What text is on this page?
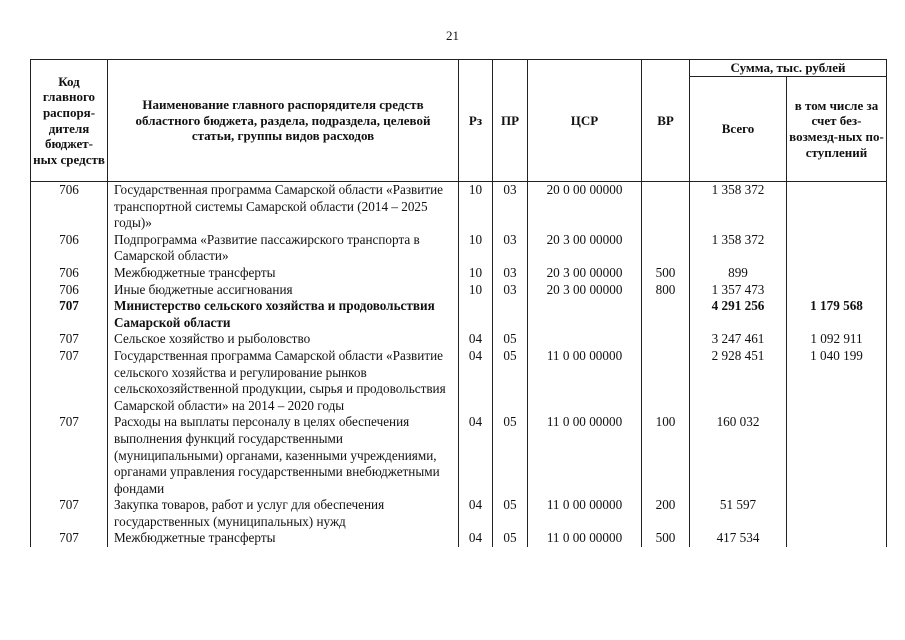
21
Код главного распоря-дителя бюджет-ных средств	Наименование главного распорядителя средств областного бюджета, раздела, подраздела, целевой статьи, группы видов расходов	Рз	ПР	ЦСР	ВР	Сумма, тыс. рублей	
						Всего	в том числе за счет без-возмезд-ных по-ступлений
706	Государственная программа Самарской области «Развитие транспортной системы Самарской области (2014 – 2025 годы)»	10	03	20 0 00 00000		1 358 372	
706	Подпрограмма «Развитие пассажирского транспорта в Самарской области»	10	03	20 3 00 00000		1 358 372	
706	Межбюджетные трансферты	10	03	20 3 00 00000	500	899	
706	Иные бюджетные ассигнования	10	03	20 3 00 00000	800	1 357 473	
707	Министерство сельского хозяйства и продовольствия Самарской области					4 291 256	1 179 568
707	Сельское хозяйство и рыболовство	04	05			3 247 461	1 092 911
707	Государственная программа Самарской области «Развитие сельского хозяйства и регулирование рынков сельскохозяйственной продукции, сырья и продовольствия Самарской области» на 2014 – 2020 годы	04	05	11 0 00 00000		2 928 451	1 040 199
707	Расходы на выплаты персоналу в целях обеспечения выполнения функций государственными (муниципальными) органами, казенными учреждениями, органами управления государственными внебюджетными фондами	04	05	11 0 00 00000	100	160 032	
707	Закупка товаров, работ и услуг для обеспечения государственных (муниципальных) нужд	04	05	11 0 00 00000	200	51 597	
707	Межбюджетные трансферты	04	05	11 0 00 00000	500	417 534	
